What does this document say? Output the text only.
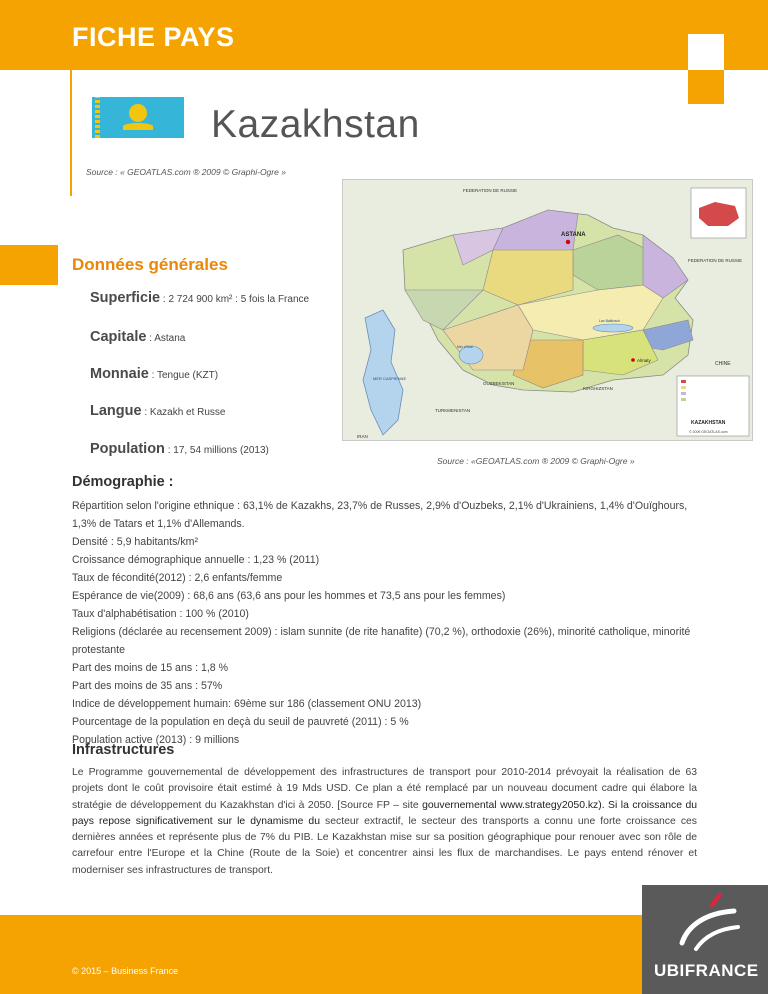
FICHE PAYS
Kazakhstan
Source : « GEOATLAS.com ® 2009 © Graphi-Ogre »
FEDERATION DE RUSSIE
FEDERATION DE RUSSIE
ASTANA
CHINE
OUZBEKISTAN
KIRGHIZSTAN
TURKMENISTAN
MER CASPIENNE
IRAN
Almaty
Mer d'Aral
Lac Balkhach
KAZAKHSTAN
© 2009 GEOATLAS.com
Source : «GEOATLAS.com ® 2009 © Graphi-Ogre »
Données générales
Superficie : 2 724 900 km² : 5 fois la France
Capitale : Astana
Monnaie : Tengue (KZT)
Langue : Kazakh et Russe
Population : 17, 54 millions (2013)
Démographie :
Répartition selon l'origine ethnique : 63,1% de Kazakhs, 23,7% de Russes, 2,9% d'Ouzbeks, 2,1% d'Ukrainiens, 1,4% d'Ouïghours, 1,3% de Tatars et 1,1% d'Allemands.
Densité : 5,9 habitants/km²
Croissance démographique annuelle : 1,23 % (2011)
Taux de fécondité(2012) : 2,6 enfants/femme
Espérance de vie(2009) : 68,6 ans (63,6 ans pour les hommes et 73,5 ans pour les femmes)
Taux d'alphabétisation : 100 % (2010)
Religions (déclarée au recensement 2009) : islam sunnite (de rite hanafite) (70,2 %), orthodoxie (26%), minorité catholique, minorité protestante
Part des moins de 15 ans : 1,8 %
Part des moins de 35 ans : 57%
Indice de développement humain: 69ème sur 186 (classement ONU 2013)
Pourcentage de la population en deçà du seuil de pauvreté (2011) : 5 %
Population active (2013) : 9 millions
Infrastructures
Le Programme gouvernemental de développement des infrastructures de transport pour 2010-2014 prévoyait la réalisation de 63 projets dont le coût provisoire était estimé à 19 Mds USD. Ce plan a été remplacé par un nouveau document cadre qui élabore la stratégie de développement du Kazakhstan d'ici à 2050. [Source FP – site gouvernemental www.strategy2050.kz). Si la croissance du pays repose significativement sur le dynamisme du secteur extractif, le secteur des transports a connu une forte croissance ces dernières années et représente plus de 7% du PIB. Le Kazakhstan mise sur sa position géographique pour renouer avec son rôle de carrefour entre l'Europe et la Chine (Route de la Soie) et concentrer ainsi les flux de marchandises. Le pays entend rénover et moderniser ses infrastructures de transport.
© 2015 – Business France	UBIFRANCE
